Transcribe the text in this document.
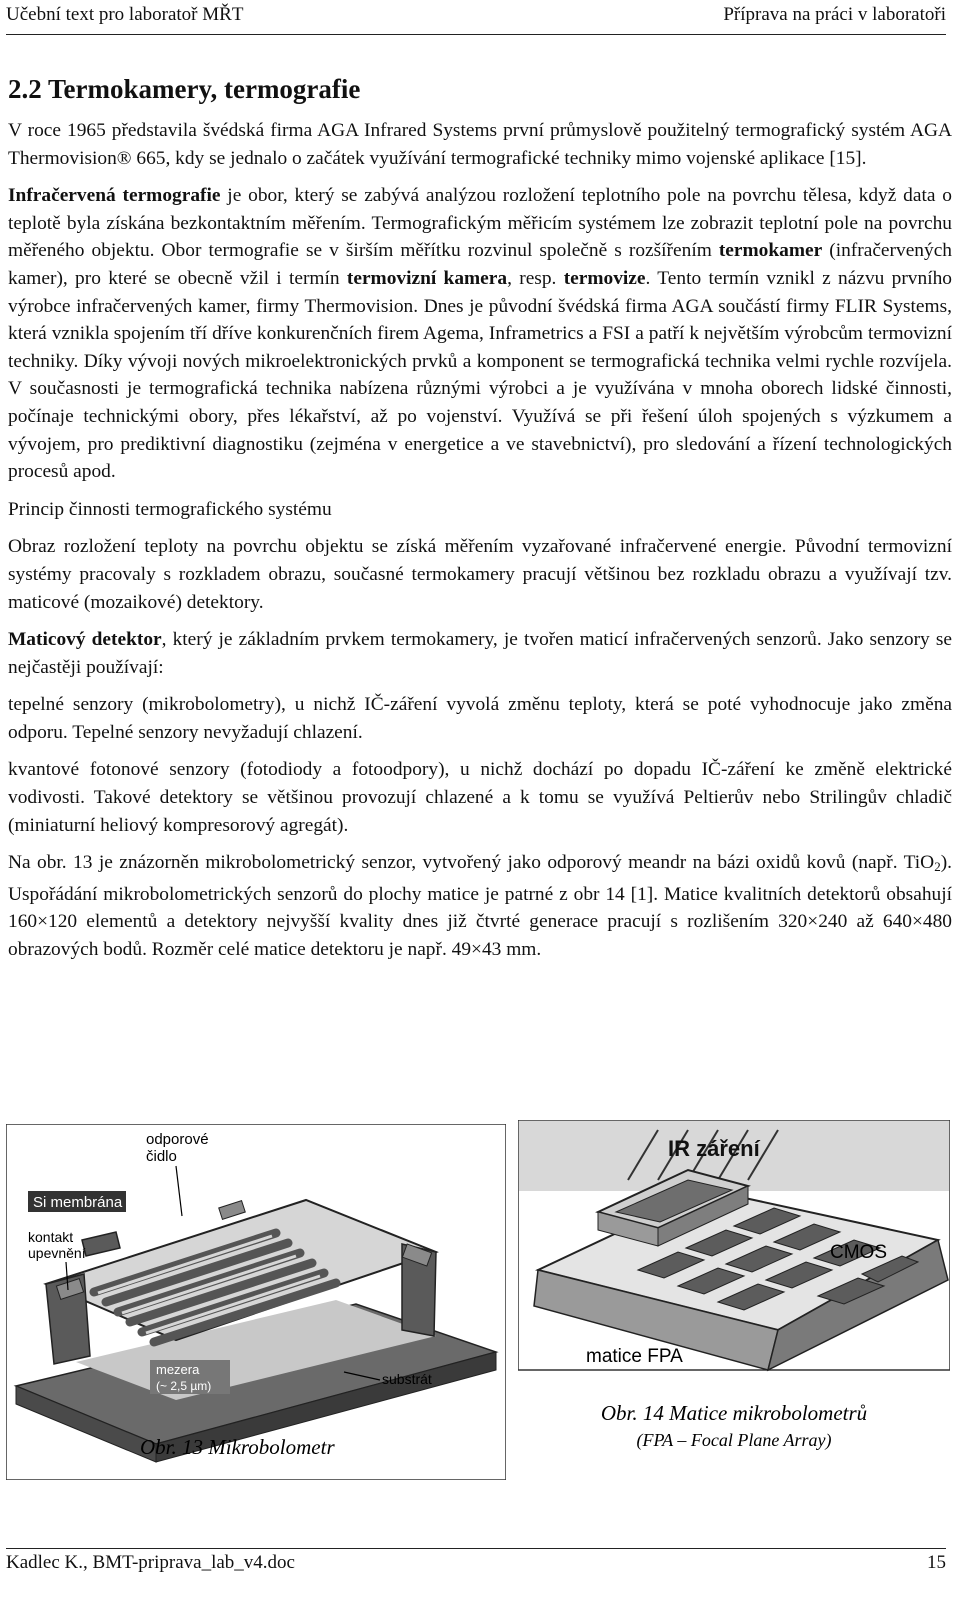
Učební text pro laboratoř MŘT	Příprava na práci v laboratoři
2.2 Termokamery, termografie

V roce 1965 představila švédská firma AGA Infrared Systems první průmyslově použitelný termografický systém AGA Thermovision® 665, kdy se jednalo o začátek využívání termografické techniky mimo vojenské aplikace [15].

Infračervená termografie je obor, který se zabývá analýzou rozložení teplotního pole na povrchu tělesa, když data o teplotě byla získána bezkontaktním měřením. Termografickým měřicím systémem lze zobrazit teplotní pole na povrchu měřeného objektu. Obor termografie se v širším měřítku rozvinul společně s rozšířením termokamer (infračervených kamer), pro které se obecně vžil i termín termovizní kamera, resp. termovize. Tento termín vznikl z názvu prvního výrobce infračervených kamer, firmy Thermovision. Dnes je původní švédská firma AGA součástí firmy FLIR Systems, která vznikla spojením tří dříve konkurenčních firem Agema, Inframetrics a FSI a patří k největším výrobcům termovizní techniky. Díky vývoji nových mikroelektronických prvků a komponent se termografická technika velmi rychle rozvíjela. V současnosti je termografická technika nabízena různými výrobci a je využívána v mnoha oborech lidské činnosti, počínaje technickými obory, přes lékařství, až po vojenství. Využívá se při řešení úloh spojených s výzkumem a vývojem, pro prediktivní diagnostiku (zejména v energetice a ve stavebnictví), pro sledování a řízení technologických procesů apod.

Princip činnosti termografického systému

Obraz rozložení teploty na povrchu objektu se získá měřením vyzařované infračervené energie. Původní termovizní systémy pracovaly s rozkladem obrazu, současné termokamery pracují většinou bez rozkladu obrazu a využívají tzv. maticové (mozaikové) detektory.

Maticový detektor, který je základním prvkem termokamery, je tvořen maticí infračervených senzorů. Jako senzory se nejčastěji používají:

tepelné senzory (mikrobolometry), u nichž IČ-záření vyvolá změnu teploty, která se poté vyhodnocuje jako změna odporu. Tepelné senzory nevyžadují chlazení.

kvantové fotonové senzory (fotodiody a fotoodpory), u nichž dochází po dopadu IČ-záření ke změně elektrické vodivosti. Takové detektory se většinou provozují chlazené a k tomu se využívá Peltierův nebo Strilingův chladič (miniaturní heliový kompresorový agregát).

Na obr. 13 je znázorněn mikrobolometrický senzor, vytvořený jako odporový meandr na bázi oxidů kovů (např. TiO$_2$). Uspořádání mikrobolometrických senzorů do plochy matice je patrné z obr 14 [1]. Matice kvalitních detektorů obsahují 160×120 elementů a detektory nejvyšší kvality dnes již čtvrté generace pracují s rozlišením 320×240 až 640×480 obrazových bodů. Rozměr celé matice detektoru je např. 49×43 mm.

odporové
čidlo
Si membrána
kontakt
upevnění
mezera
(~ 2,5 µm)	substrát
Obr. 13 Mikrobolometr
IR záření
CMOS
matice FPA
Obr. 14 Matice mikrobolometrů
(FPA – Focal Plane Array)
Kadlec K., BMT-priprava_lab_v4.doc	15
